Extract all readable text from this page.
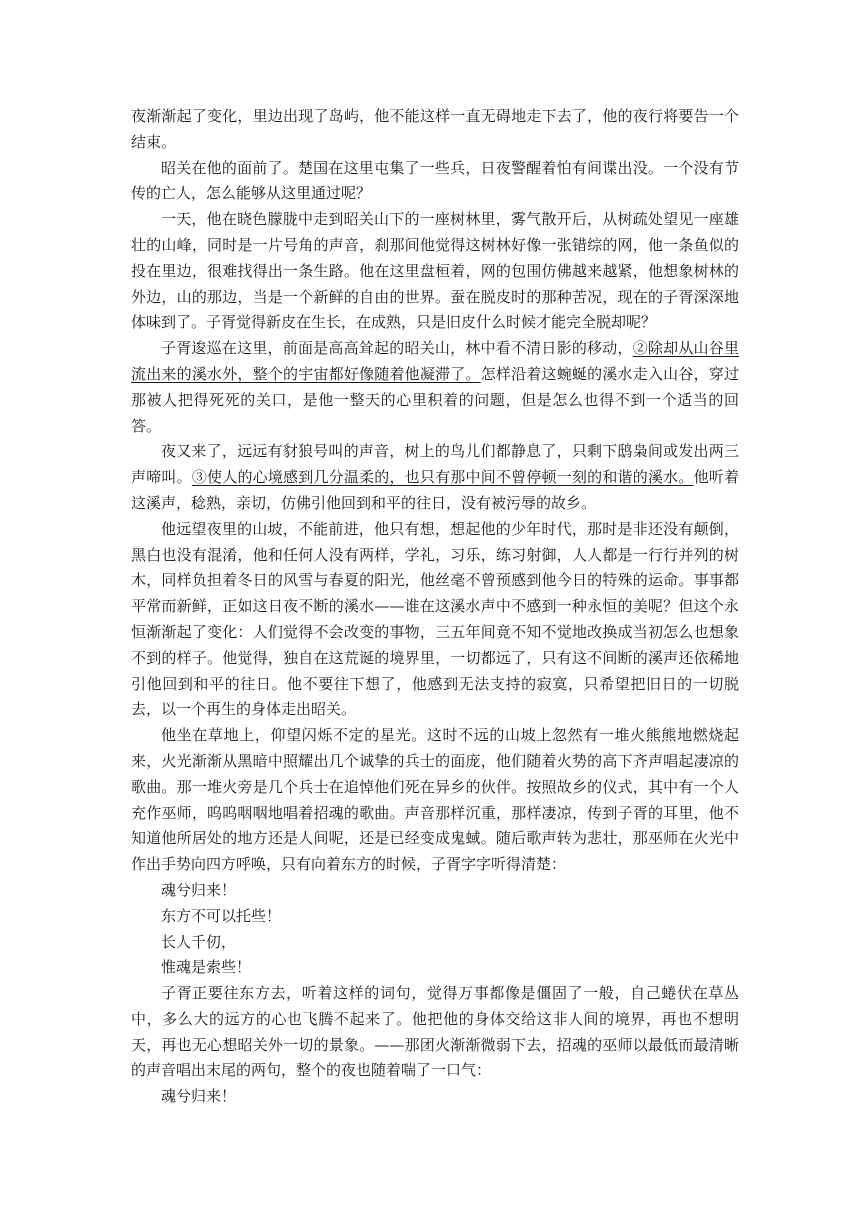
夜渐渐起了变化，里边出现了岛屿，他不能这样一直无碍地走下去了，他的夜行将要告一个结束。

昭关在他的面前了。楚国在这里屯集了一些兵，日夜警醒着怕有间谍出没。一个没有节传的亡人，怎么能够从这里通过呢？

一天，他在晓色朦胧中走到昭关山下的一座树林里，雾气散开后，从树疏处望见一座雄壮的山峰，同时是一片号角的声音，刹那间他觉得这树林好像一张错综的网，他一条鱼似的投在里边，很难找得出一条生路。他在这里盘桓着，网的包围仿佛越来越紧，他想象树林的外边，山的那边，当是一个新鲜的自由的世界。蚕在脱皮时的那种苦况，现在的子胥深深地体味到了。子胥觉得新皮在生长，在成熟，只是旧皮什么时候才能完全脱却呢？

子胥逡巡在这里，前面是高高耸起的昭关山，林中看不清日影的移动，②除却从山谷里流出来的溪水外，整个的宇宙都好像随着他凝滞了。怎样沿着这蜿蜒的溪水走入山谷，穿过那被人把得死死的关口，是他一整天的心里积着的问题，但是怎么也得不到一个适当的回答。

夜又来了，远远有豺狼号叫的声音，树上的鸟儿们都静息了，只剩下鸱枭间或发出两三声啼叫。③使人的心境感到几分温柔的，也只有那中间不曾停顿一刻的和谐的溪水。他听着这溪声，稔熟，亲切，仿佛引他回到和平的往日，没有被污辱的故乡。

他远望夜里的山坡，不能前进，他只有想，想起他的少年时代，那时是非还没有颠倒，黑白也没有混淆，他和任何人没有两样，学礼，习乐，练习射御，人人都是一行行并列的树木，同样负担着冬日的风雪与春夏的阳光，他丝毫不曾预感到他今日的特殊的运命。事事都平常而新鲜，正如这日夜不断的溪水——谁在这溪水声中不感到一种永恒的美呢？但这个永恒渐渐起了变化：人们觉得不会改变的事物，三五年间竟不知不觉地改换成当初怎么也想象不到的样子。他觉得，独自在这荒诞的境界里，一切都远了，只有这不间断的溪声还依稀地引他回到和平的往日。他不要往下想了，他感到无法支持的寂寞，只希望把旧日的一切脱去，以一个再生的身体走出昭关。

他坐在草地上，仰望闪烁不定的星光。这时不远的山坡上忽然有一堆火熊熊地燃烧起来，火光渐渐从黑暗中照耀出几个诚挚的兵士的面庞，他们随着火势的高下齐声唱起凄凉的歌曲。那一堆火旁是几个兵士在追悼他们死在异乡的伙伴。按照故乡的仪式，其中有一个人充作巫师，呜呜咽咽地唱着招魂的歌曲。声音那样沉重，那样凄凉，传到子胥的耳里，他不知道他所居处的地方还是人间呢，还是已经变成鬼蜮。随后歌声转为悲壮，那巫师在火光中作出手势向四方呼唤，只有向着东方的时候，子胥字字听得清楚：

魂兮归来！

东方不可以托些！

长人千仞，

惟魂是索些！

子胥正要往东方去，听着这样的词句，觉得万事都像是僵固了一般，自己蜷伏在草丛中，多么大的远方的心也飞腾不起来了。他把他的身体交给这非人间的境界，再也不想明天，再也无心想昭关外一切的景象。——那团火渐渐微弱下去，招魂的巫师以最低而最清晰的声音唱出末尾的两句，整个的夜也随着喘了一口气：

魂兮归来！
